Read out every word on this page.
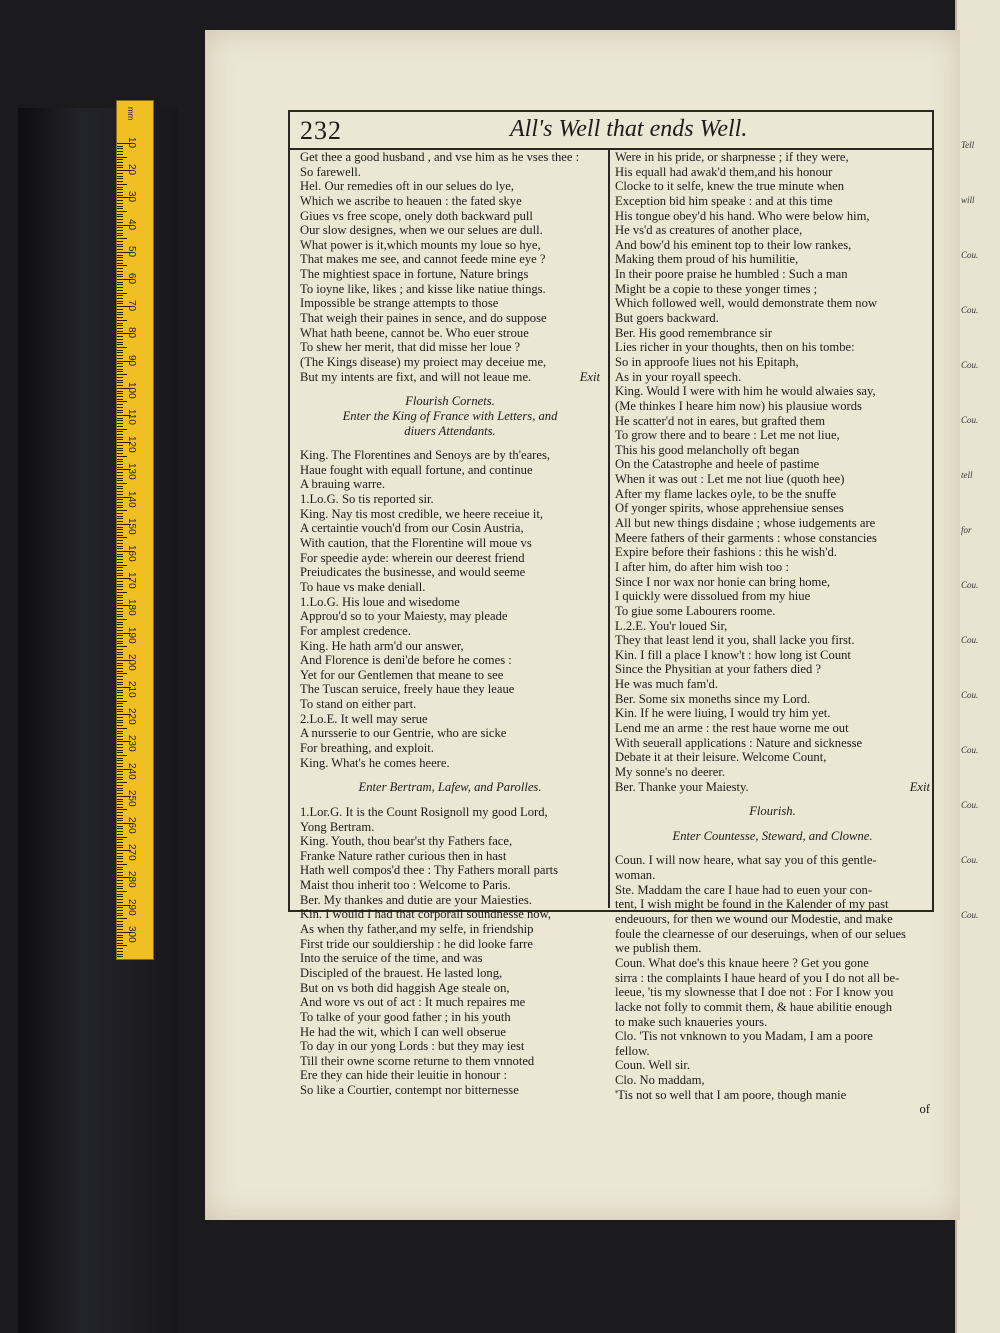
mm
10
20
30
40
50
60
70
80
90
100
110
120
130
140
150
160
170
180
190
200
210
220
230
240
250
260
270
280
290
300
Tell
will
Cou.
Cou.
Cou.
Cou.
tell
for
Cou.
Cou.
Cou.
Cou.
Cou.
Cou.
Cou.
232	All's Well that ends Well.
Get thee a good husband , and vse him as he vses thee :
So farewell.
Hel. Our remedies oft in our selues do lye,
Which we ascribe to heauen : the fated skye
Giues vs free scope, onely doth backward pull
Our slow designes, when we our selues are dull.
What power is it,which mounts my loue so hye,
That makes me see, and cannot feede mine eye ?
The mightiest space in fortune, Nature brings
To ioyne like, likes ; and kisse like natiue things.
Impossible be strange attempts to those
That weigh their paines in sence, and do suppose
What hath beene, cannot be. Who euer stroue
To shew her merit, that did misse her loue ?
(The Kings disease) my proiect may deceiue me,
But my intents are fixt, and will not leaue me.	Exit
Flourish Cornets.
Enter the King of France with Letters, and
diuers Attendants.
King. The Florentines and Senoys are by th'eares,
Haue fought with equall fortune, and continue
A brauing warre.
1.Lo.G. So tis reported sir.
King. Nay tis most credible, we heere receiue it,
A certaintie vouch'd from our Cosin Austria,
With caution, that the Florentine will moue vs
For speedie ayde: wherein our deerest friend
Preiudicates the businesse, and would seeme
To haue vs make deniall.
1.Lo.G. His loue and wisedome
Approu'd so to your Maiesty, may pleade
For amplest credence.
King. He hath arm'd our answer,
And Florence is deni'de before he comes :
Yet for our Gentlemen that meane to see
The Tuscan seruice, freely haue they leaue
To stand on either part.
2.Lo.E. It well may serue
A nursserie to our Gentrie, who are sicke
For breathing, and exploit.
King. What's he comes heere.
Enter Bertram, Lafew, and Parolles.
1.Lor.G. It is the Count Rosignoll my good Lord,
Yong Bertram.
King. Youth, thou bear'st thy Fathers face,
Franke Nature rather curious then in hast
Hath well compos'd thee : Thy Fathers morall parts
Maist thou inherit too : Welcome to Paris.
Ber. My thankes and dutie are your Maiesties.
Kin. I would I had that corporall soundnesse now,
As when thy father,and my selfe, in friendship
First tride our souldiership : he did looke farre
Into the seruice of the time, and was
Discipled of the brauest. He lasted long,
But on vs both did haggish Age steale on,
And wore vs out of act : It much repaires me
To talke of your good father ; in his youth
He had the wit, which I can well obserue
To day in our yong Lords : but they may iest
Till their owne scorne returne to them vnnoted
Ere they can hide their leuitie in honour :
So like a Courtier, contempt nor bitternesse
Were in his pride, or sharpnesse ; if they were,
His equall had awak'd them,and his honour
Clocke to it selfe, knew the true minute when
Exception bid him speake : and at this time
His tongue obey'd his hand. Who were below him,
He vs'd as creatures of another place,
And bow'd his eminent top to their low rankes,
Making them proud of his humilitie,
In their poore praise he humbled : Such a man
Might be a copie to these yonger times ;
Which followed well, would demonstrate them now
But goers backward.
Ber. His good remembrance sir
Lies richer in your thoughts, then on his tombe:
So in approofe liues not his Epitaph,
As in your royall speech.
King. Would I were with him he would alwaies say,
(Me thinkes I heare him now) his plausiue words
He scatter'd not in eares, but grafted them
To grow there and to beare : Let me not liue,
This his good melancholly oft began
On the Catastrophe and heele of pastime
When it was out : Let me not liue (quoth hee)
After my flame lackes oyle, to be the snuffe
Of yonger spirits, whose apprehensiue senses
All but new things disdaine ; whose iudgements are
Meere fathers of their garments : whose constancies
Expire before their fashions : this he wish'd.
I after him, do after him wish too :
Since I nor wax nor honie can bring home,
I quickly were dissolued from my hiue
To giue some Labourers roome.
L.2.E. You'r loued Sir,
They that least lend it you, shall lacke you first.
Kin. I fill a place I know't : how long ist Count
Since the Physitian at your fathers died ?
He was much fam'd.
Ber. Some six moneths since my Lord.
Kin. If he were liuing, I would try him yet.
Lend me an arme : the rest haue worne me out
With seuerall applications : Nature and sicknesse
Debate it at their leisure. Welcome Count,
My sonne's no deerer.
Ber. Thanke your Maiesty.	Exit
Flourish.
Enter Countesse, Steward, and Clowne.
Coun. I will now heare, what say you of this gentle-
woman.
Ste. Maddam the care I haue had to euen your con-
tent, I wish might be found in the Kalender of my past
endeuours, for then we wound our Modestie, and make
foule the clearnesse of our deseruings, when of our selues
we publish them.
Coun. What doe's this knaue heere ? Get you gone
sirra : the complaints I haue heard of you I do not all be-
leeue, 'tis my slownesse that I doe not : For I know you
lacke not folly to commit them, & haue abilitie enough
to make such knaueries yours.
Clo. 'Tis not vnknown to you Madam, I am a poore
fellow.
Coun. Well sir.
Clo. No maddam,
'Tis not so well that I am poore, though manie
of
